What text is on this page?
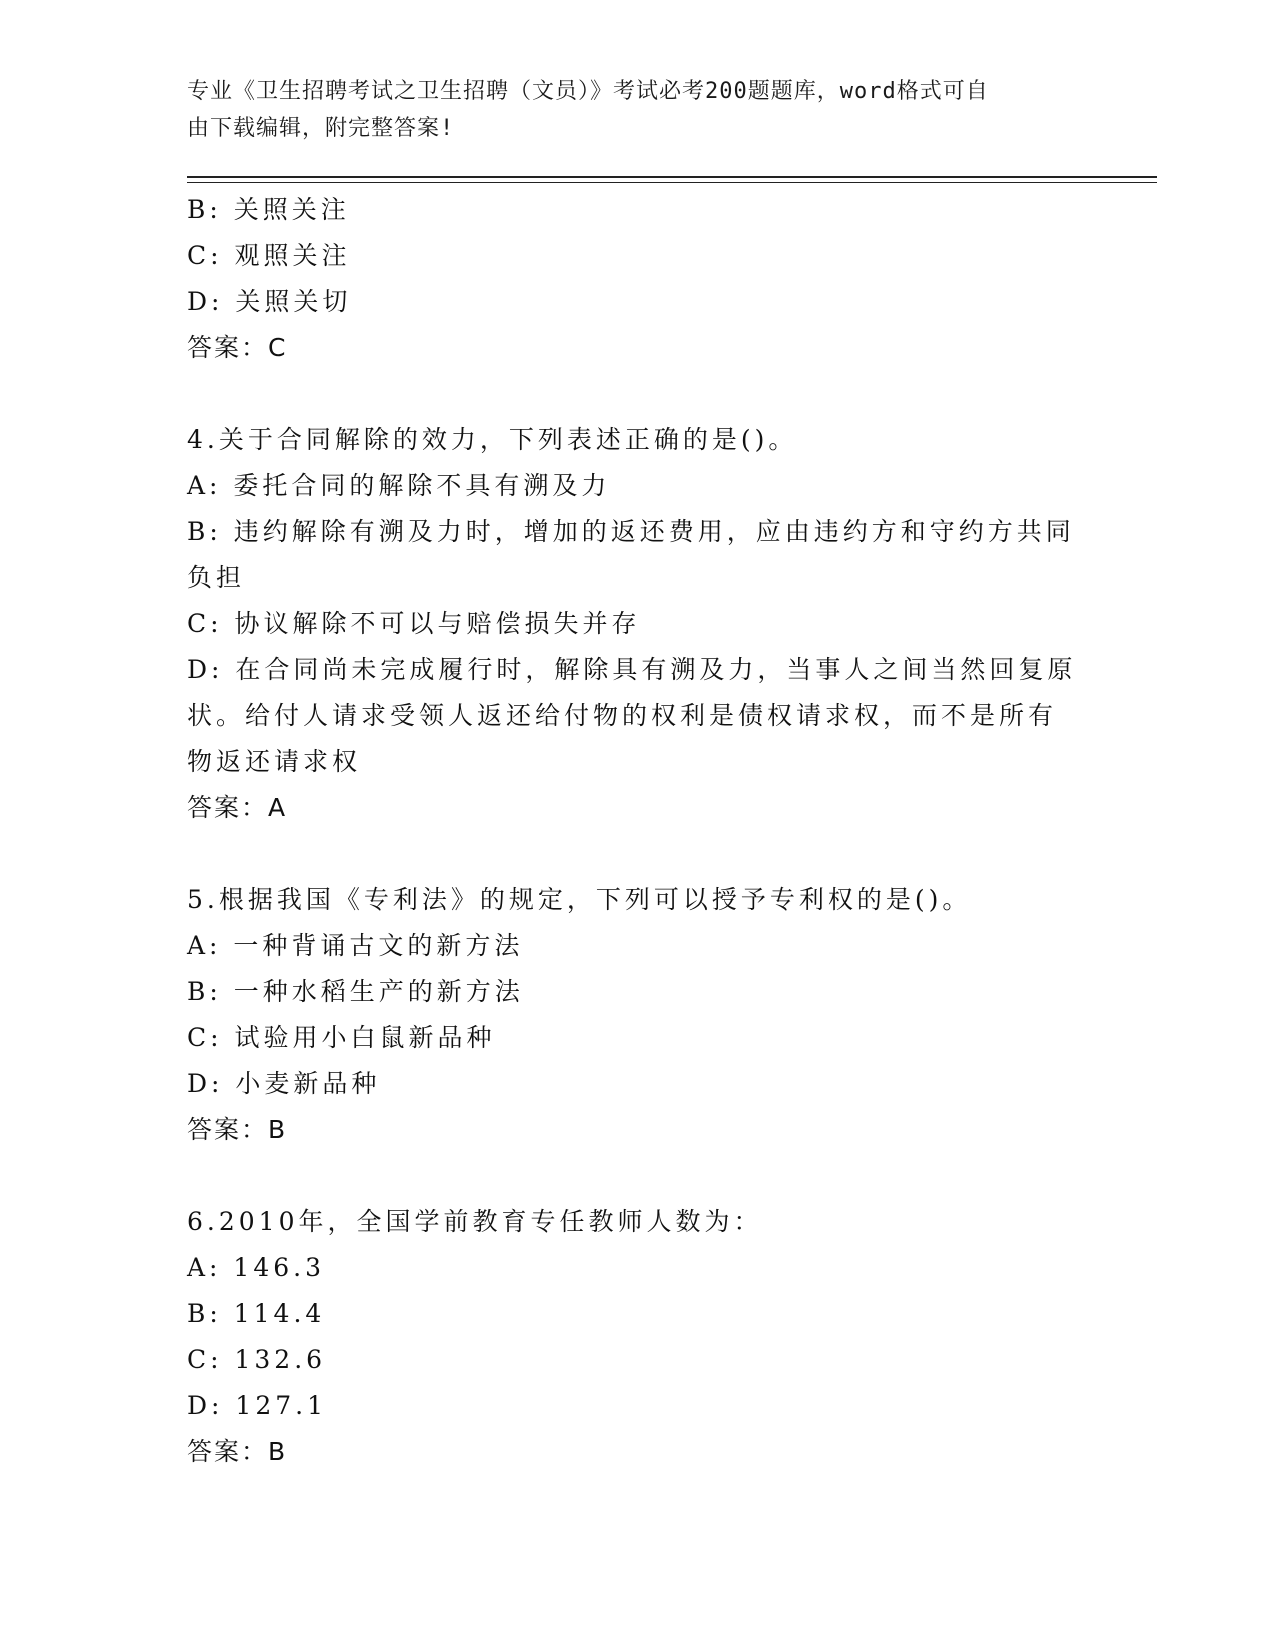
专业《卫生招聘考试之卫生招聘（文员）》考试必考200题题库，word格式可自
由下载编辑，附完整答案!
B: 关照关注
C: 观照关注
D: 关照关切
答案：C
4.关于合同解除的效力，下列表述正确的是()。
A: 委托合同的解除不具有溯及力
B: 违约解除有溯及力时，增加的返还费用，应由违约方和守约方共同
负担
C: 协议解除不可以与赔偿损失并存
D: 在合同尚未完成履行时，解除具有溯及力，当事人之间当然回复原
状。给付人请求受领人返还给付物的权利是债权请求权，而不是所有
物返还请求权
答案：A
5.根据我国《专利法》的规定，下列可以授予专利权的是()。
A: 一种背诵古文的新方法
B: 一种水稻生产的新方法
C: 试验用小白鼠新品种
D: 小麦新品种
答案：B
6.2010年，全国学前教育专任教师人数为：
A: 146.3
B: 114.4
C: 132.6
D: 127.1
答案：B
